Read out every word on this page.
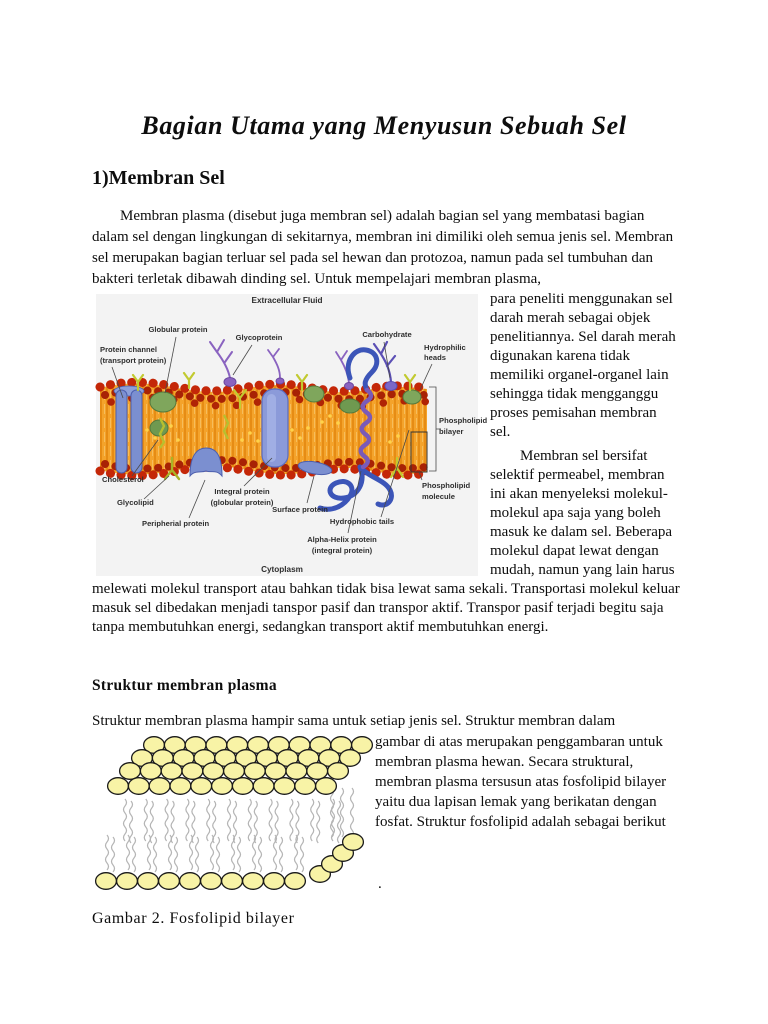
Bagian Utama yang Menyusun Sebuah Sel
1)Membran Sel

Membran plasma (disebut juga membran sel) adalah bagian sel yang membatasi bagian dalam sel dengan lingkungan di sekitarnya, membran ini dimiliki oleh semua jenis sel. Membran sel merupakan bagian terluar sel pada sel hewan dan protozoa, namun pada sel tumbuhan dan bakteri terletak dibawah dinding sel. Untuk mempelajari membran plasma,

Extracellular Fluid
Globular protein
Protein channel
(transport protein)
Glycoprotein	Carbohydrate
Hydrophilic
heads
Phospholipid
bilayer
Cholesterol
Glycolipid
Peripherial protein
Integral protein
(globular protein)
Surface protein
Alpha-Helix protein
(integral protein)
Hydrophobic tails
Phospholipid
molecule
Cytoplasm

para peneliti menggunakan sel darah merah sebagai objek penelitiannya. Sel darah merah digunakan karena tidak memiliki organel-organel lain sehingga tidak mengganggu proses pemisahan membran sel.

Membran sel bersifat selektif permeabel, membran ini akan menyeleksi molekul-molekul apa saja yang boleh masuk ke dalam sel. Beberapa molekul dapat lewat dengan mudah, namun yang lain harus melewati molekul transport atau bahkan tidak bisa lewat sama sekali. Transportasi molekul keluar masuk sel dibedakan menjadi tanspor pasif dan transpor aktif. Transpor pasif terjadi begitu saja tanpa membutuhkan energi, sedangkan transport aktif membutuhkan energi.

Struktur membran plasma

Struktur membran plasma hampir sama untuk setiap jenis sel. Struktur membran dalam

gambar di atas merupakan penggambaran untuk membran plasma hewan. Secara struktural, membran plasma tersusun atas fosfolipid bilayer yaitu dua lapisan lemak yang berikatan dengan fosfat. Struktur fosfolipid adalah sebagai berikut

.
Gambar 2. Fosfolipid bilayer
